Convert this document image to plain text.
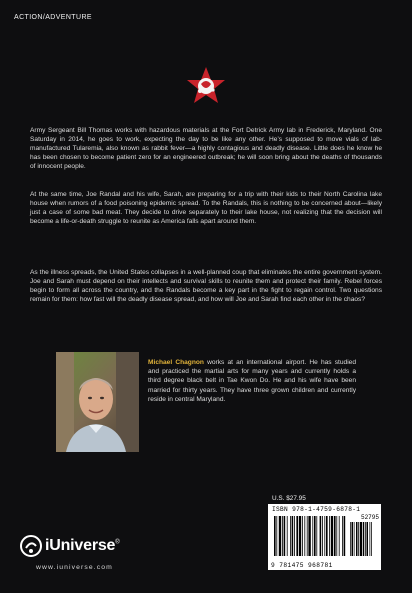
ACTION/ADVENTURE

Army Sergeant Bill Thomas works with hazardous materials at the Fort Detrick Army lab in Frederick, Maryland. One Saturday in 2014, he goes to work, expecting the day to be like any other. He’s supposed to move vials of lab-manufactured Tularemia, also known as rabbit fever—a highly contagious and deadly disease. Little does he know he has been chosen to become patient zero for an engineered outbreak; he will soon bring about the deaths of thousands of innocent people.

At the same time, Joe Randal and his wife, Sarah, are preparing for a trip with their kids to their North Carolina lake house when rumors of a food poisoning epidemic spread. To the Randals, this is nothing to be concerned about—likely just a case of some bad meat. They decide to drive separately to their lake house, not realizing that the decision will become a life-or-death struggle to reunite as America falls apart around them.

As the illness spreads, the United States collapses in a well-planned coup that eliminates the entire government system. Joe and Sarah must depend on their intellects and survival skills to reunite them and protect their family. Rebel forces begin to form all across the country, and the Randals become a key part in the fight to regain control. Two questions remain for them: how fast will the deadly disease spread, and how will Joe and Sarah find each other in the chaos?

Michael Chagnon works at an international airport. He has studied and practiced the martial arts for many years and currently holds a third degree black belt in Tae Kwon Do. He and his wife have been married for thirty years. They have three grown children and currently reside in central Maryland.

U.S. $27.95
ISBN 978-1-4759-6878-1
52795
9 781475 968781
iUniverse®
www.iuniverse.com
